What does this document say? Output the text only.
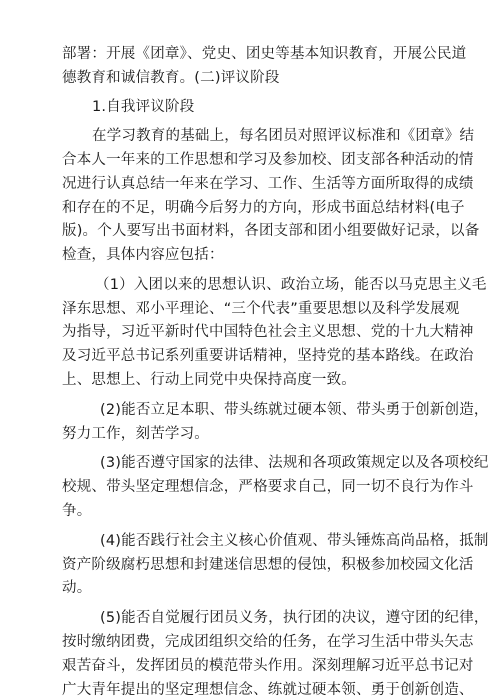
部署：开展《团章》、党史、团史等基本知识教育，开展公民道
德教育和诚信教育。(二)评议阶段
1.自我评议阶段
在学习教育的基础上，每名团员对照评议标准和《团章》结
合本人一年来的工作思想和学习及参加校、团支部各种活动的情
况进行认真总结一年来在学习、工作、生活等方面所取得的成绩
和存在的不足，明确今后努力的方向，形成书面总结材料(电子
版)。个人要写出书面材料，各团支部和团小组要做好记录，以备
检查，具体内容应包括：
（1）入团以来的思想认识、政治立场，能否以马克思主义毛
泽东思想、邓小平理论、“三个代表”重要思想以及科学发展观
为指导，习近平新时代中国特色社会主义思想、党的十九大精神
及习近平总书记系列重要讲话精神，坚持党的基本路线。在政治
上、思想上、行动上同党中央保持高度一致。
(2)能否立足本职、带头练就过硬本领、带头勇于创新创造，
努力工作，刻苦学习。
(3)能否遵守国家的法律、法规和各项政策规定以及各项校纪
校规、带头坚定理想信念，严格要求自己，同一切不良行为作斗
争。
(4)能否践行社会主义核心价值观、带头锤炼高尚品格，抵制
资产阶级腐朽思想和封建迷信思想的侵蚀，积极参加校园文化活
动。
(5)能否自觉履行团员义务，执行团的决议，遵守团的纪律，
按时缴纳团费，完成团组织交给的任务，在学习生活中带头矢志
艰苦奋斗，发挥团员的模范带头作用。深刻理解习近平总书记对
广大青年提出的坚定理想信念、练就过硬本领、勇于创新创造、
